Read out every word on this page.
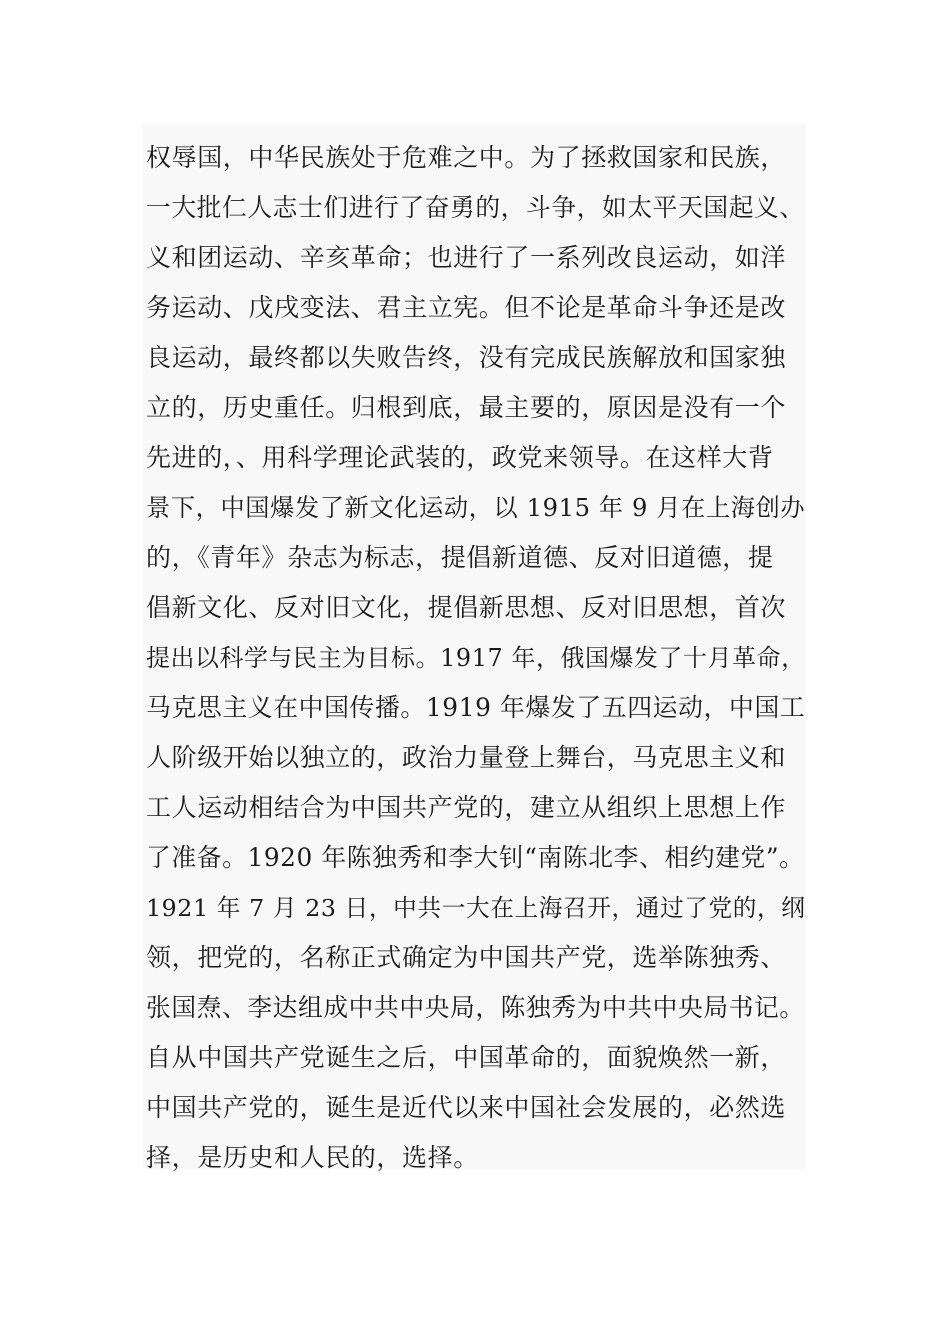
权辱国，中华民族处于危难之中。为了拯救国家和民族，
一大批仁人志士们进行了奋勇的，斗争，如太平天国起义、
义和团运动、辛亥革命；也进行了一系列改良运动，如洋
务运动、戊戌变法、君主立宪。但不论是革命斗争还是改
良运动，最终都以失败告终，没有完成民族解放和国家独
立的，历史重任。归根到底，最主要的，原因是没有一个
先进的，、用科学理论武装的，政党来领导。在这样大背
景下，中国爆发了新文化运动，以 1915 年 9 月在上海创办
的，《青年》杂志为标志，提倡新道德、反对旧道德，提
倡新文化、反对旧文化，提倡新思想、反对旧思想，首次
提出以科学与民主为目标。1917 年，俄国爆发了十月革命，
马克思主义在中国传播。1919 年爆发了五四运动，中国工
人阶级开始以独立的，政治力量登上舞台，马克思主义和
工人运动相结合为中国共产党的，建立从组织上思想上作
了准备。1920 年陈独秀和李大钊“南陈北李、相约建党”。
1921 年 7 月 23 日，中共一大在上海召开，通过了党的，纲
领，把党的，名称正式确定为中国共产党，选举陈独秀、
张国焘、李达组成中共中央局，陈独秀为中共中央局书记。
自从中国共产党诞生之后，中国革命的，面貌焕然一新，
中国共产党的，诞生是近代以来中国社会发展的，必然选
择，是历史和人民的，选择。
